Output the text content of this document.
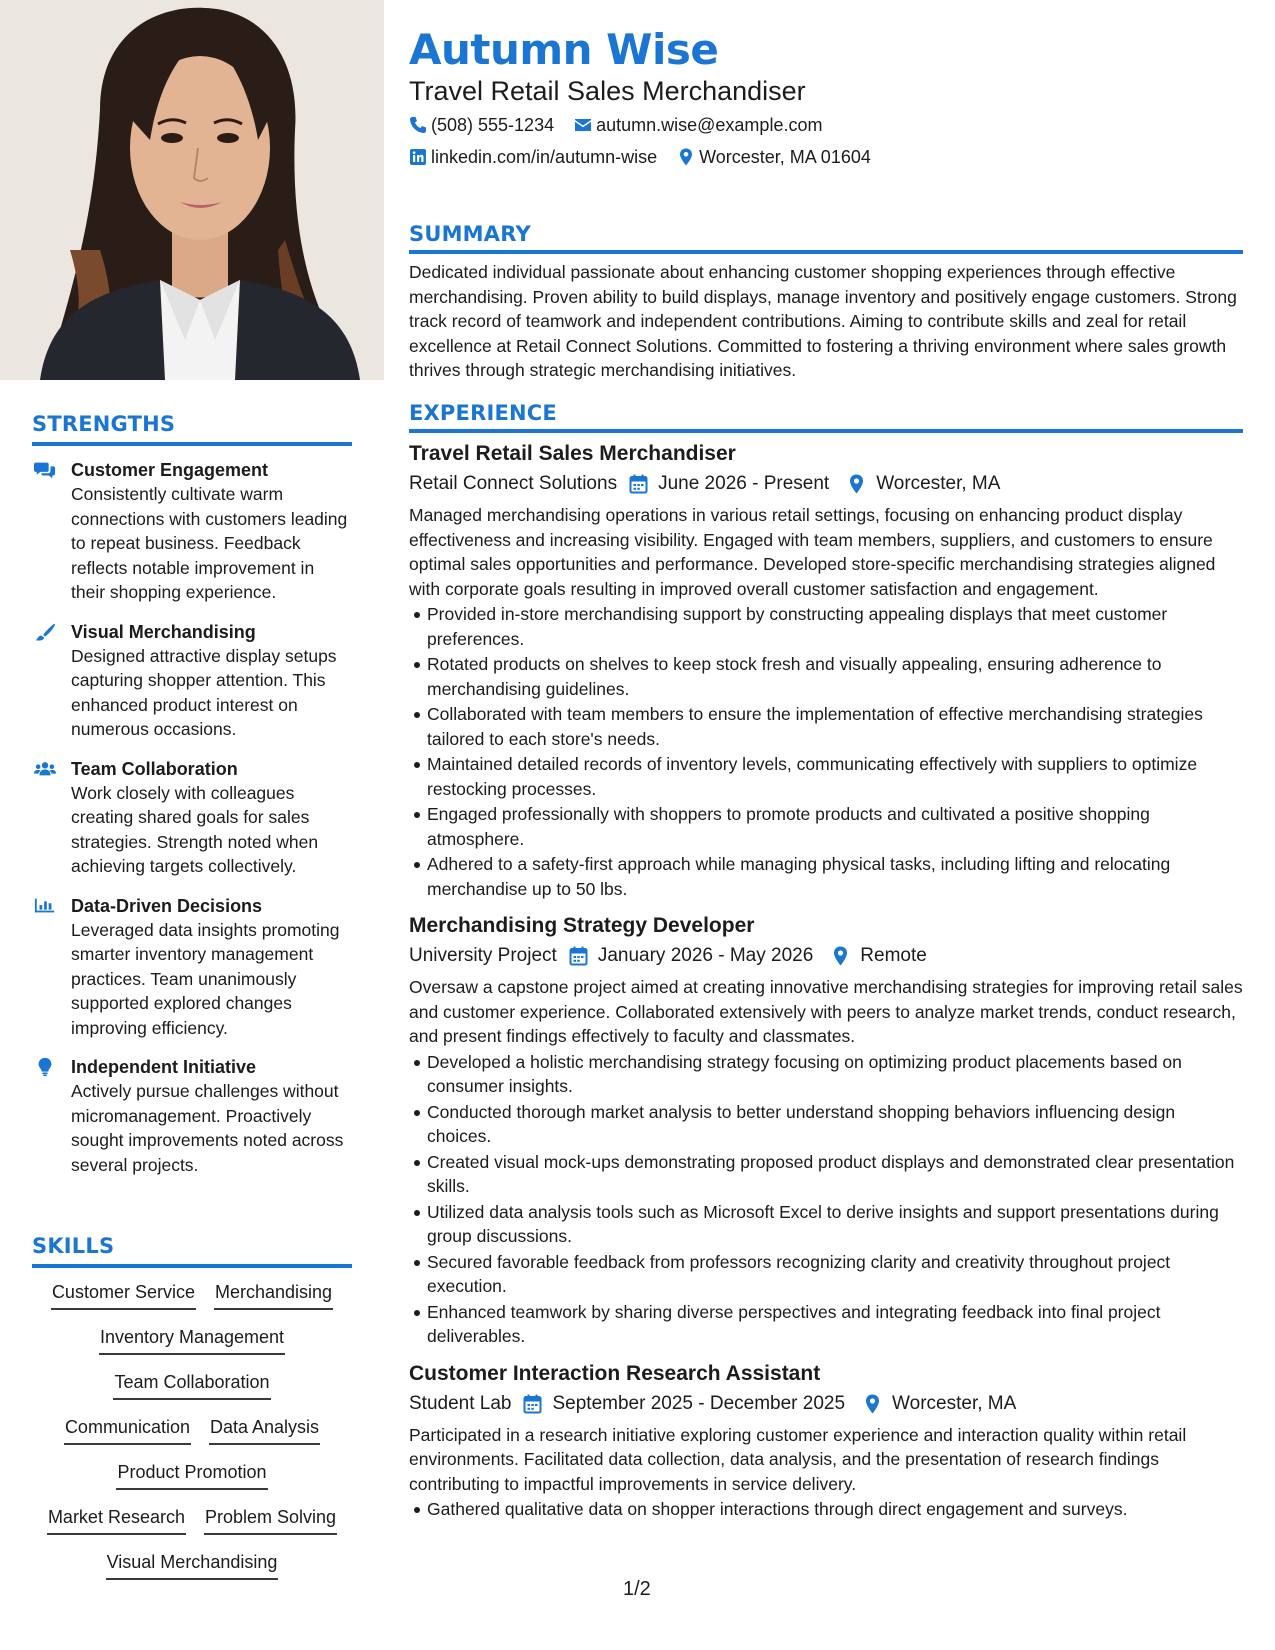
STRENGTHS
Customer Engagement
Consistently cultivate warm connections with customers leading to repeat business. Feedback reflects notable improvement in their shopping experience.
Visual Merchandising
Designed attractive display setups capturing shopper attention. This enhanced product interest on numerous occasions.
Team Collaboration
Work closely with colleagues creating shared goals for sales strategies. Strength noted when achieving targets collectively.
Data-Driven Decisions
Leveraged data insights promoting smarter inventory management practices. Team unanimously supported explored changes improving efficiency.
Independent Initiative
Actively pursue challenges without micromanagement. Proactively sought improvements noted across several projects.
SKILLS
Customer Service Merchandising
Inventory Management
Team Collaboration
Communication Data Analysis
Product Promotion
Market Research Problem Solving
Visual Merchandising
Autumn Wise
Travel Retail Sales Merchandiser
(508) 555-1234 autumn.wise@example.com
linkedin.com/in/autumn-wise Worcester, MA 01604
SUMMARY
Dedicated individual passionate about enhancing customer shopping experiences through effective merchandising. Proven ability to build displays, manage inventory and positively engage customers. Strong track record of teamwork and independent contributions. Aiming to contribute skills and zeal for retail excellence at Retail Connect Solutions. Committed to fostering a thriving environment where sales growth thrives through strategic merchandising initiatives.
EXPERIENCE
Travel Retail Sales Merchandiser
Retail Connect Solutions June 2026 - Present Worcester, MA
Managed merchandising operations in various retail settings, focusing on enhancing product display effectiveness and increasing visibility. Engaged with team members, suppliers, and customers to ensure optimal sales opportunities and performance. Developed store-specific merchandising strategies aligned with corporate goals resulting in improved overall customer satisfaction and engagement.
Provided in-store merchandising support by constructing appealing displays that meet customer preferences.
Rotated products on shelves to keep stock fresh and visually appealing, ensuring adherence to merchandising guidelines.
Collaborated with team members to ensure the implementation of effective merchandising strategies tailored to each store's needs.
Maintained detailed records of inventory levels, communicating effectively with suppliers to optimize restocking processes.
Engaged professionally with shoppers to promote products and cultivated a positive shopping atmosphere.
Adhered to a safety-first approach while managing physical tasks, including lifting and relocating merchandise up to 50 lbs.
Merchandising Strategy Developer
University Project January 2026 - May 2026 Remote
Oversaw a capstone project aimed at creating innovative merchandising strategies for improving retail sales and customer experience. Collaborated extensively with peers to analyze market trends, conduct research, and present findings effectively to faculty and classmates.
Developed a holistic merchandising strategy focusing on optimizing product placements based on consumer insights.
Conducted thorough market analysis to better understand shopping behaviors influencing design choices.
Created visual mock-ups demonstrating proposed product displays and demonstrated clear presentation skills.
Utilized data analysis tools such as Microsoft Excel to derive insights and support presentations during group discussions.
Secured favorable feedback from professors recognizing clarity and creativity throughout project execution.
Enhanced teamwork by sharing diverse perspectives and integrating feedback into final project deliverables.
Customer Interaction Research Assistant
Student Lab September 2025 - December 2025 Worcester, MA
Participated in a research initiative exploring customer experience and interaction quality within retail environments. Facilitated data collection, data analysis, and the presentation of research findings contributing to impactful improvements in service delivery.
Gathered qualitative data on shopper interactions through direct engagement and surveys.
1/2
